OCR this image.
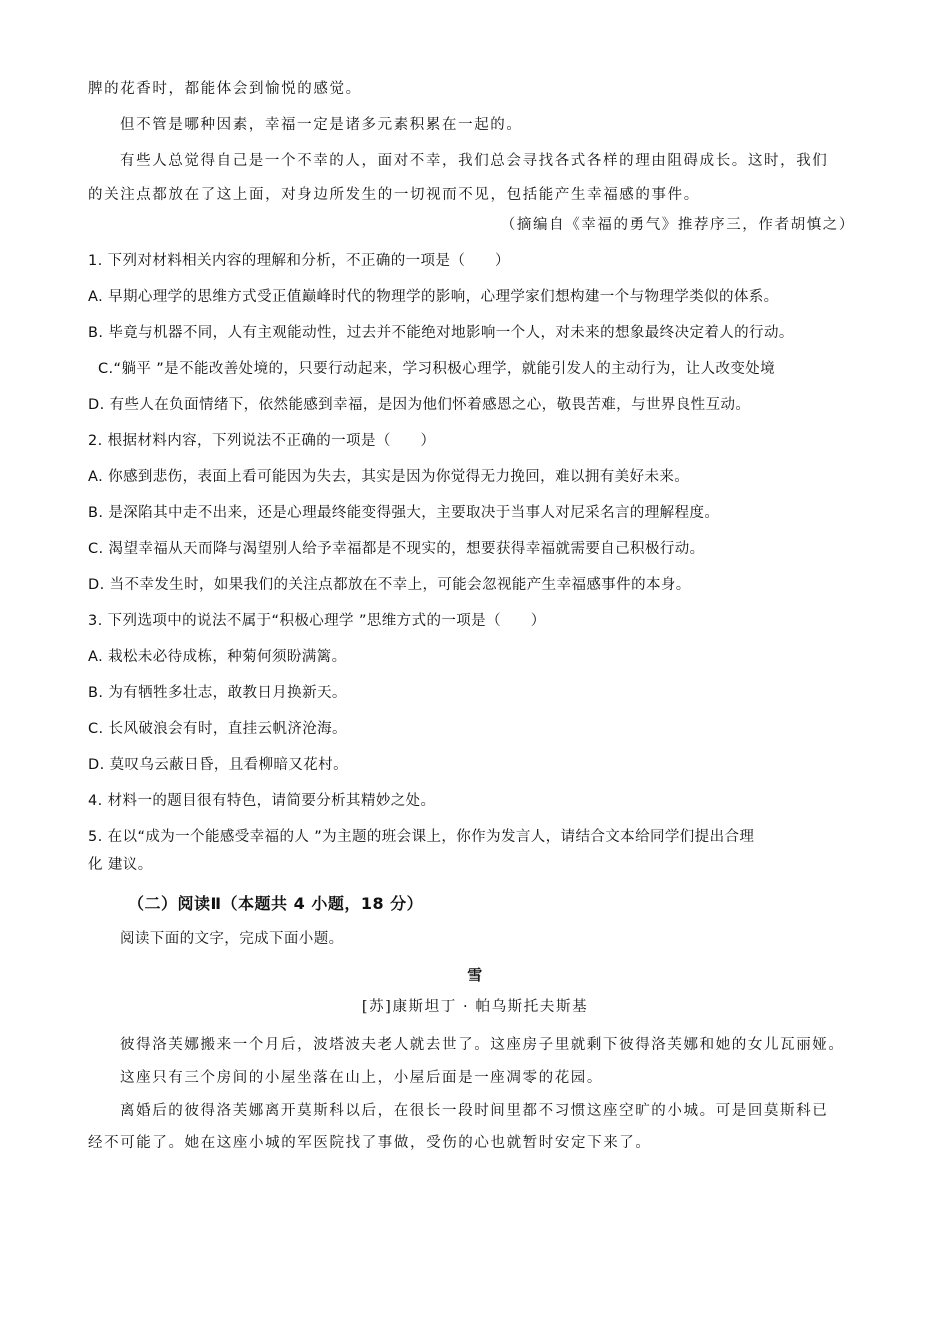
脾的花香时，都能体会到愉悦的感觉。
但不管是哪种因素，幸福一定是诸多元素积累在一起的。
有些人总觉得自己是一个不幸的人，面对不幸，我们总会寻找各式各样的理由阻碍成长。这时，我们
的关注点都放在了这上面，对身边所发生的一切视而不见，包括能产生幸福感的事件。
（摘编自《幸福的勇气》推荐序三，作者胡慎之）
1. 下列对材料相关内容的理解和分析，不正确的一项是（　　）
A. 早期心理学的思维方式受正值巅峰时代的物理学的影响，心理学家们想构建一个与物理学类似的体系。
B. 毕竟与机器不同，人有主观能动性，过去并不能绝对地影响一个人，对未来的想象最终决定着人的行动。
C.“躺平 ”是不能改善处境的，只要行动起来，学习积极心理学，就能引发人的主动行为，让人改变处境
D. 有些人在负面情绪下，依然能感到幸福，是因为他们怀着感恩之心，敬畏苦难，与世界良性互动。
2. 根据材料内容，下列说法不正确的一项是（　　）
A. 你感到悲伤，表面上看可能因为失去，其实是因为你觉得无力挽回，难以拥有美好未来。
B. 是深陷其中走不出来，还是心理最终能变得强大，主要取决于当事人对尼采名言的理解程度。
C. 渴望幸福从天而降与渴望别人给予幸福都是不现实的，想要获得幸福就需要自己积极行动。
D. 当不幸发生时，如果我们的关注点都放在不幸上，可能会忽视能产生幸福感事件的本身。
3. 下列选项中的说法不属于“积极心理学 ”思维方式的一项是（　　）
A. 栽松未必待成栋，种菊何须盼满篱。
B. 为有牺牲多壮志，敢教日月换新天。
C. 长风破浪会有时，直挂云帆济沧海。
D. 莫叹乌云蔽日昏，且看柳暗又花村。
4. 材料一的题目很有特色，请简要分析其精妙之处。
5. 在以“成为一个能感受幸福的人 ”为主题的班会课上，你作为发言人，请结合文本给同学们提出合理
化 建议。
（二）阅读Ⅱ（本题共 4 小题，18 分）
阅读下面的文字，完成下面小题。
雪
[苏]康斯坦丁 · 帕乌斯托夫斯基
彼得洛芙娜搬来一个月后，波塔波夫老人就去世了。这座房子里就剩下彼得洛芙娜和她的女儿瓦丽娅。
这座只有三个房间的小屋坐落在山上，小屋后面是一座凋零的花园。
离婚后的彼得洛芙娜离开莫斯科以后，在很长一段时间里都不习惯这座空旷的小城。可是回莫斯科已
经不可能了。她在这座小城的军医院找了事做，受伤的心也就暂时安定下来了。
